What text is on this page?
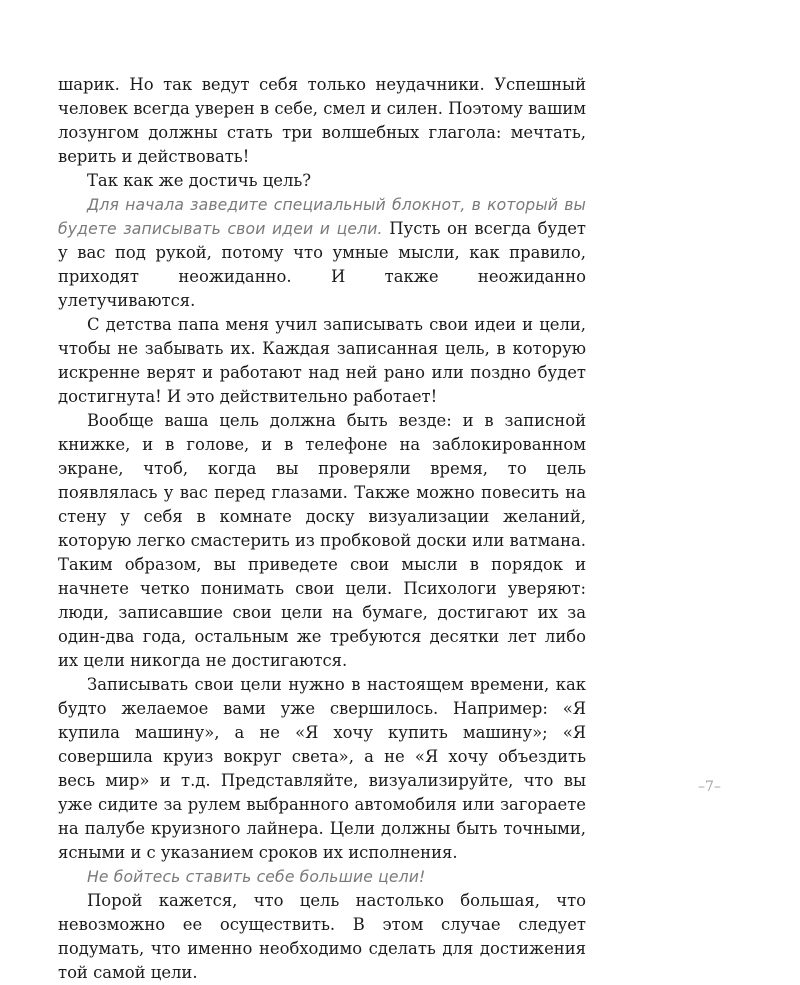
шарик. Но так ведут себя только неудачники. Успешный человек всегда уверен в себе, смел и силен. Поэтому вашим лозунгом должны стать три волшебных глагола: мечтать, верить и действовать!

Так как же достичь цель?

Для начала заведите специальный блокнот, в который вы будете записывать свои идеи и цели. Пусть он всегда будет у вас под рукой, потому что умные мысли, как правило, приходят неожиданно. И также неожиданно улетучиваются.

С детства папа меня учил записывать свои идеи и цели, чтобы не забывать их. Каждая записанная цель, в которую искренне верят и работают над ней рано или поздно будет достигнута! И это действительно работает!

Вообще ваша цель должна быть везде: и в записной книжке, и в голове, и в телефоне на заблокированном экране, чтоб, когда вы проверяли время, то цель появлялась у вас перед глазами. Также можно повесить на стену у себя в комнате доску визуализации желаний, которую легко смастерить из пробковой доски или ватмана. Таким образом, вы приведете свои мысли в порядок и начнете четко понимать свои цели. Психологи уверяют: люди, записавшие свои цели на бумаге, достигают их за один-два года, остальным же требуются десятки лет либо их цели никогда не достигаются.

Записывать свои цели нужно в настоящем времени, как будто желаемое вами уже свершилось. Например: «Я купила машину», а не «Я хочу купить машину»; «Я совершила круиз вокруг света», а не «Я хочу объездить весь мир» и т.д. Представляйте, визуализируйте, что вы уже сидите за рулем выбранного автомобиля или загораете на палубе круизного лайнера. Цели должны быть точными, ясными и с указанием сроков их исполнения.

Не бойтесь ставить себе большие цели!

Порой кажется, что цель настолько большая, что невозможно ее осуществить. В этом случае следует подумать, что именно необходимо сделать для достижения той самой цели.

–7–
